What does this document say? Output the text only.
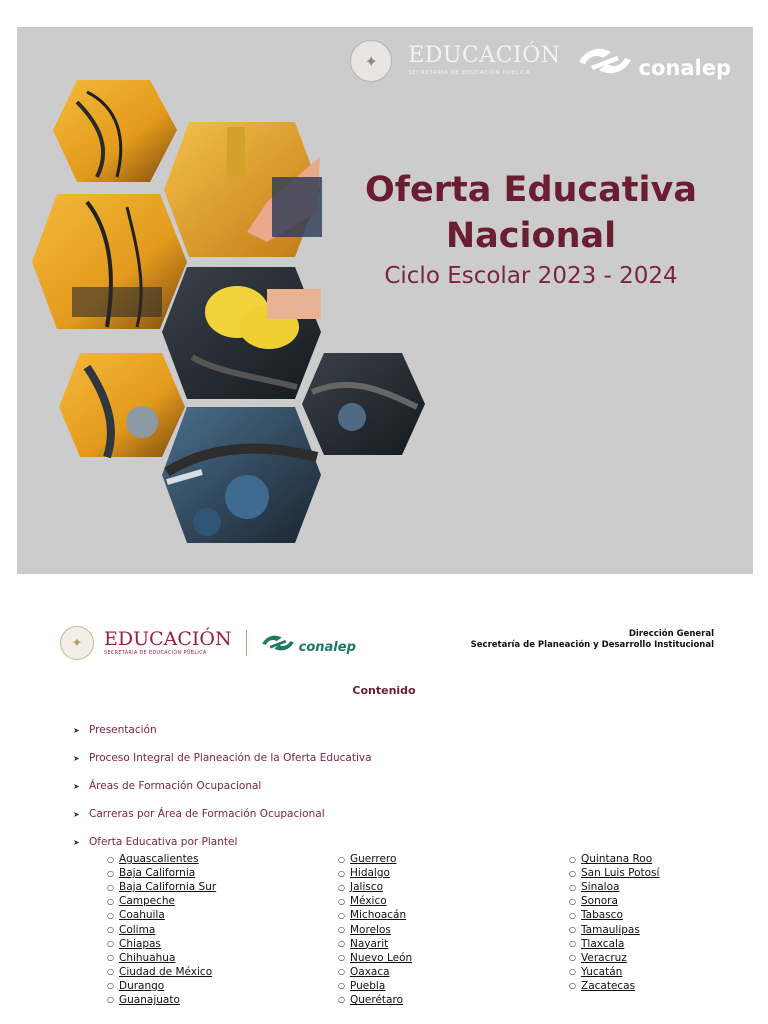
✦	EDUCACIÓN
SECRETARÍA DE EDUCACIÓN PÚBLICA	conalep
Oferta Educativa
Nacional
Ciclo Escolar 2023 - 2024
✦	EDUCACIÓN
SECRETARÍA DE EDUCACIÓN PÚBLICA	conalep
Dirección General
Secretaría de Planeación y Desarrollo Institucional
Contenido
➤ Presentación
➤ Proceso Integral de Planeación de la Oferta Educativa
➤ Áreas de Formación Ocupacional
➤ Carreras por Área de Formación Ocupacional
➤ Oferta Educativa por Plantel
○ Aguascalientes
○ Baja California
○ Baja California Sur
○ Campeche
○ Coahuila
○ Colima
○ Chiapas
○ Chihuahua
○ Ciudad de México
○ Durango
○ Guanajuato
○ Guerrero
○ Hidalgo
○ Jalisco
○ México
○ Michoacán
○ Morelos
○ Nayarit
○ Nuevo León
○ Oaxaca
○ Puebla
○ Querétaro
○ Quintana Roo
○ San Luis Potosí
○ Sinaloa
○ Sonora
○ Tabasco
○ Tamaulipas
○ Tlaxcala
○ Veracruz
○ Yucatán
○ Zacatecas
